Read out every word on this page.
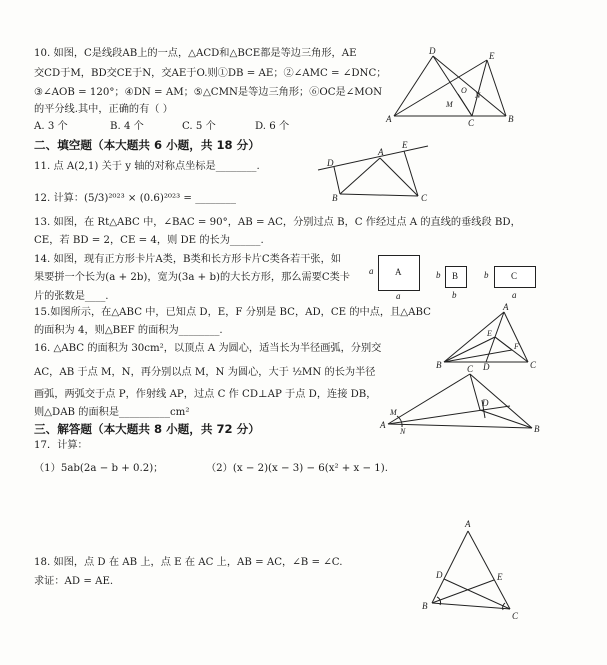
10. 如图，C是线段AB上的一点，△ACD和△BCE都是等边三角形，AE
交CD于M，BD交CE于N，交AE于O.则①DB = AE；②∠AMC = ∠DNC；
③∠AOB = 120°；④DN = AM；⑤△CMN是等边三角形；⑥OC是∠MON
的平分线.其中，正确的有（ ）
A. 3 个	B. 4 个	C. 5 个	D. 6 个
D	E
A	C	B
M
N
O
二、填空题（本大题共 6 小题，共 18 分）
11. 点 A(2,1) 关于 y 轴的对称点坐标是________.
12. 计算：(5/3)²⁰²³ × (0.6)²⁰²³ = ________
D
E
A
B	C
13. 如图，在 Rt△ABC 中，∠BAC = 90°，AB = AC，分别过点 B，C 作经过点 A 的直线的垂线段 BD，
CE，若 BD = 2，CE = 4，则 DE 的长为______.
14. 如图，现有正方形卡片A类，B类和长方形卡片C类各若干张，如
果要拼一个长为(a + 2b)，宽为(3a + b)的大长方形，那么需要C类卡
片的张数是____.
A
a
a
B
b
b
C
b
a
15.如图所示，在△ABC 中，已知点 D，E，F 分别是 BC，AD，CE 的中点，且△ABC
的面积为 4，则△BEF 的面积为________.
A
E
F
B	D	C
16. △ABC 的面积为 30cm²，以顶点 A 为圆心，适当长为半径画弧，分别交
AC，AB 于点 M，N，再分别以点 M，N 为圆心，大于 ½MN 的长为半径
画弧，两弧交于点 P，作射线 AP，过点 C 作 CD⊥AP 于点 D，连接 DB，
则△DAB 的面积是__________cm²
C
D
M
A
N	B
三、解答题（本大题共 8 小题，共 72 分）
17．计算：
（1）5ab(2a − b + 0.2)；	（2）(x − 2)(x − 3) − 6(x² + x − 1).
18. 如图，点 D 在 AB 上，点 E 在 AC 上，AB = AC，∠B = ∠C.
求证：AD = AE.
A
D	E
B
C
